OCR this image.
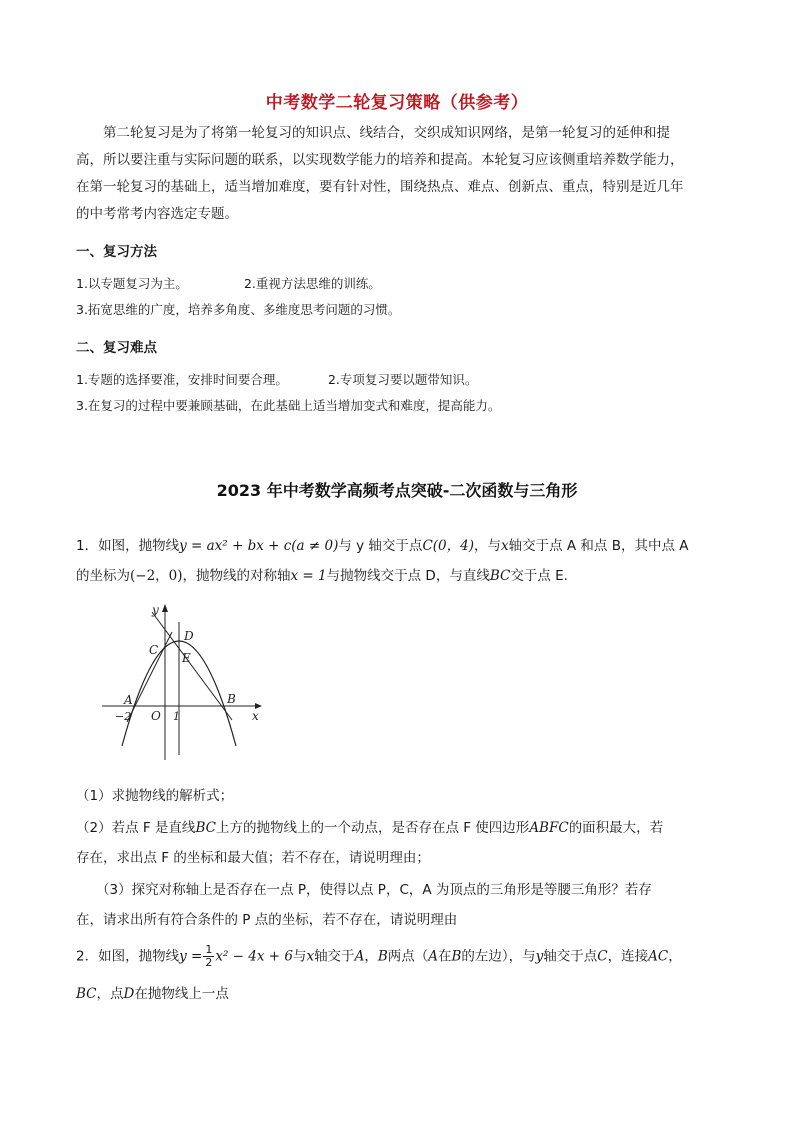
中考数学二轮复习策略（供参考）
第二轮复习是为了将第一轮复习的知识点、线结合，交织成知识网络，是第一轮复习的延伸和提
高，所以要注重与实际问题的联系，以实现数学能力的培养和提高。本轮复习应该侧重培养数学能力，
在第一轮复习的基础上，适当增加难度，要有针对性，围绕热点、难点、创新点、重点，特别是近几年
的中考常考内容选定专题。
一、复习方法
1.以专题复习为主。	2.重视方法思维的训练。
3.拓宽思维的广度，培养多角度、多维度思考问题的习惯。
二、复习难点
1.专题的选择要准，安排时间要合理。	2.专项复习要以题带知识。
3.在复习的过程中要兼顾基础，在此基础上适当增加变式和难度，提高能力。
2023 年中考数学高频考点突破-二次函数与三角形
1．如图，抛物线y = ax² + bx + c(a ≠ 0)与 y 轴交于点C(0，4)，与x轴交于点 A 和点 B，其中点 A
的坐标为(−2，0)，抛物线的对称轴x = 1与抛物线交于点 D，与直线BC交于点 E.
y
x
O
A	B
C
D
E
−2	1
（1）求抛物线的解析式；
（2）若点 F 是直线BC上方的抛物线上的一个动点，是否存在点 F 使四边形ABFC的面积最大，若
存在，求出点 F 的坐标和最大值；若不存在，请说明理由；
（3）探究对称轴上是否存在一点 P，使得以点 P，C，A 为顶点的三角形是等腰三角形？若存
在，请求出所有符合条件的 P 点的坐标，若不存在，请说明理由
2．如图，抛物线$y = \frac{1}{2} x^2 - 4x + 6$与x轴交于A，B两点（A在B的左边），与y轴交于点C，连接AC，
BC，点D在抛物线上一点
